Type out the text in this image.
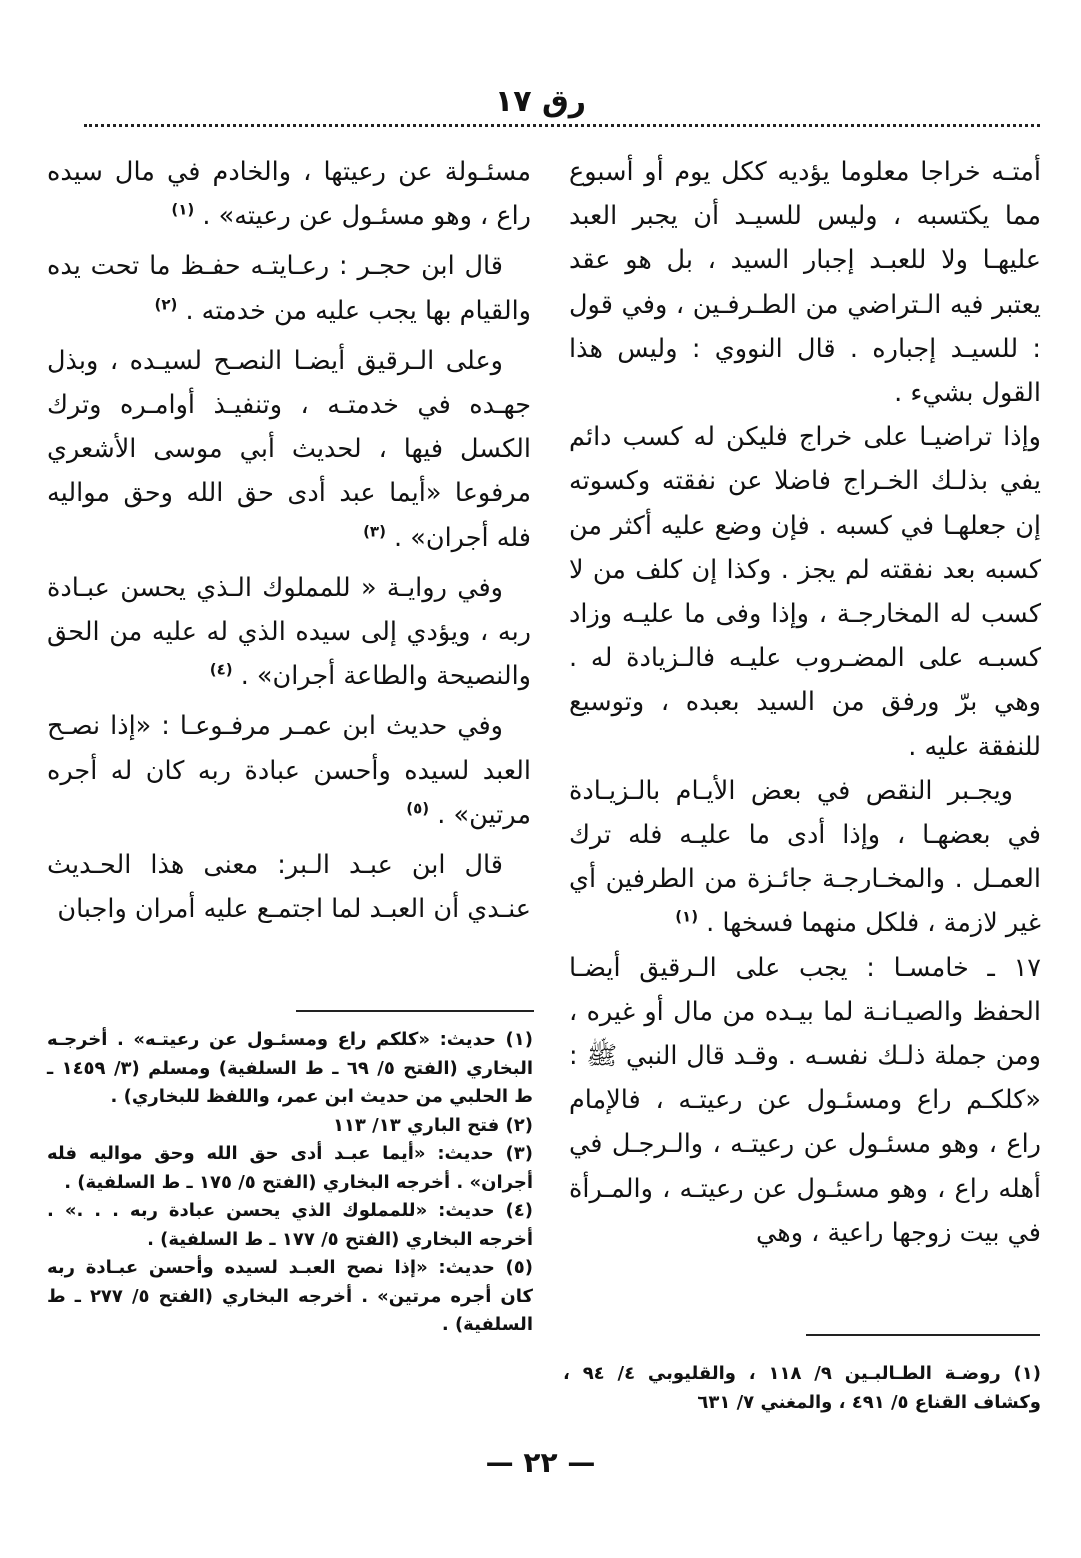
رق ١٧

أمتـه خراجا معلوما يؤديه ككل يوم أو أسبوع مما يكتسبه ، وليس للسيـد أن يجبر العبد عليهـا ولا للعبـد إجبار السيد ، بل هو عقد يعتبر فيه الـتراضي من الطـرفـين ، وفي قول : للسيـد إجباره . قال النووي : وليس هذا القول بشيء .

وإذا تراضيـا على خراج فليكن له كسب دائم يفي بذلـك الخـراج فاضلا عن نفقته وكسوته إن جعلهـا في كسبه . فإن وضع عليه أكثر من كسبه بعد نفقته لم يجز . وكذا إن كلف من لا كسب له المخارجـة ، وإذا وفى ما عليـه وزاد كسبـه على المضـروب عليـه فالـزيادة له . وهي برّ ورفق من السيد بعبده ، وتوسيع للنفقة عليه .

ويجـبر النقص في بعض الأيـام بالـزيـادة في بعضهـا ، وإذا أدى ما عليـه فله ترك العمـل . والمخـارجـة جائـزة من الطرفين أي غير لازمة ، فلكل منهما فسخها . $^{(١)}$

١٧ ـ خامسـا : يجب على الـرقيق أيضـا الحفظ والصيـانـة لما بيـده من مال أو غيره ، ومن جملة ذلـك نفسـه . وقـد قال النبي ﷺ : «كلكـم راع ومسئـول عن رعيتـه ، فالإمام راع ، وهو مسئـول عن رعيتـه ، والـرجـل في أهله راع ، وهو مسئـول عن رعيتـه ، والمـرأة في بيت زوجها راعية ، وهي

مسئـولة عن رعيتها ، والخادم في مال سيده راع ، وهو مسئـول عن رعيته» . $^{(١)}$

قال ابن حجـر : رعـايتـه حفـظ ما تحت يده والقيام بها يجب عليه من خدمته . $^{(٢)}$

وعلى الـرقيق أيضـا النصـح لسيـده ، وبذل جهـده في خدمتـه ، وتنفيـذ أوامـره وترك الكسل فيها ، لحديث أبي موسى الأشعري مرفوعا «أيما عبد أدى حق الله وحق مواليه فله أجران» . $^{(٣)}$

وفي روايـة « للمملوك الـذي يحسن عبـادة ربه ، ويؤدي إلى سيده الذي له عليه من الحق والنصيحة والطاعة أجران» . $^{(٤)}$

وفي حديث ابن عمـر مرفـوعـا : «إذا نصـح العبد لسيده وأحسن عبادة ربه كان له أجره مرتين» . $^{(٥)}$

قال ابن عبـد الـبر: معنى هذا الحـديث عنـدي أن العبـد لما اجتمـع عليه أمران واجبان

(١) حديث: «كلكم راع ومسئـول عن رعيتـه» . أخرجـه البخاري (الفتح ٥/ ٦٩ ـ ط السلفية) ومسلم (٣/ ١٤٥٩ ـ ط الحلبي من حديث ابن عمر، واللفظ للبخاري) .

(٢) فتح الباري ١٣/ ١١٣

(٣) حديث: «أيما عبـد أدى حق الله وحق مواليه فله أجران» . أخرجه البخاري (الفتح ٥/ ١٧٥ ـ ط السلفية) .

(٤) حديث: «للمملوك الذي يحسن عبادة ربه . . .» . أخرجه البخاري (الفتح ٥/ ١٧٧ ـ ط السلفية) .

(٥) حديث: «إذا نصح العبـد لسيده وأحسن عبـادة ربه كان أجره مرتين» . أخرجه البخاري (الفتح ٥/ ٢٧٧ ـ ط السلفية) .

(١) روضـة الطـالبـين ٩/ ١١٨ ، والقليوبي ٤/ ٩٤ ، وكشاف القناع ٥/ ٤٩١ ، والمغني ٧/ ٦٣١

— ٢٢ —
